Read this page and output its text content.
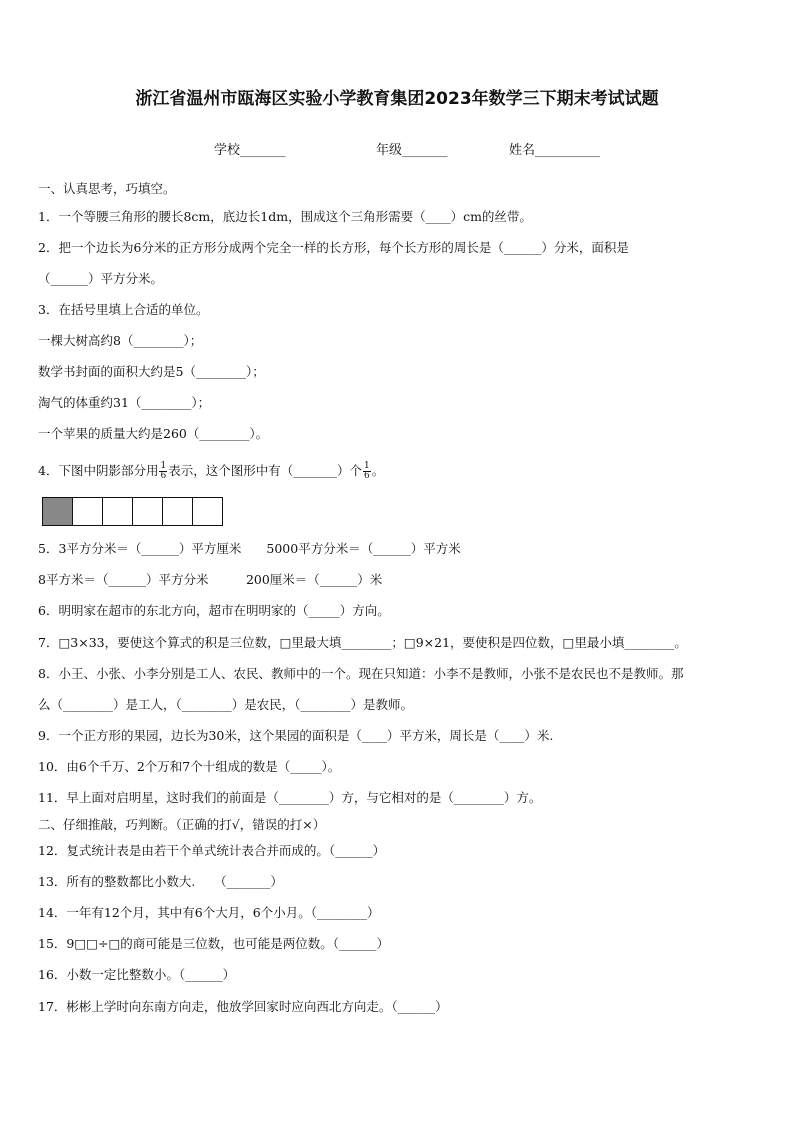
浙江省温州市瓯海区实验小学教育集团2023年数学三下期末考试试题
学校_______	年级_______	姓名__________
一、认真思考，巧填空。
1．一个等腰三角形的腰长8cm，底边长1dm，围成这个三角形需要（____）cm的丝带。
2．把一个边长为6分米的正方形分成两个完全一样的长方形，每个长方形的周长是（______）分米，面积是
（______）平方分米。
3．在括号里填上合适的单位。
一棵大树高约8（________）；
数学书封面的面积大约是5（________）；
淘气的体重约31（________）；
一个苹果的质量大约是260（________）。
4．下图中阴影部分用 $\frac{1}{6}$ 表示，这个图形中有（_______）个 $\frac{1}{6}$ 。
5．3平方分米＝（______）平方厘米　　5000平方分米＝（______）平方米
8平方米＝（______）平方分米　　　200厘米＝（______）米
6．明明家在超市的东北方向，超市在明明家的（_____）方向。
7．□3×33，要使这个算式的积是三位数，□里最大填________；□9×21，要使积是四位数，□里最小填________。
8．小王、小张、小李分别是工人、农民、教师中的一个。现在只知道：小李不是教师，小张不是农民也不是教师。那
么（________）是工人，（________）是农民，（________）是教师。
9．一个正方形的果园，边长为30米，这个果园的面积是（____）平方米，周长是（____）米.
10．由6个千万、2个万和7个十组成的数是（_____）。
11．早上面对启明星，这时我们的前面是（________）方，与它相对的是（________）方。
二、仔细推敲，巧判断。（正确的打√，错误的打×）
12．复式统计表是由若干个单式统计表合并而成的。（______）
13．所有的整数都比小数大.　　（_______）
14．一年有12个月，其中有6个大月，6个小月。（________）
15．9□□÷□的商可能是三位数，也可能是两位数。（______）
16．小数一定比整数小。（______）
17．彬彬上学时向东南方向走，他放学回家时应向西北方向走。（______）
